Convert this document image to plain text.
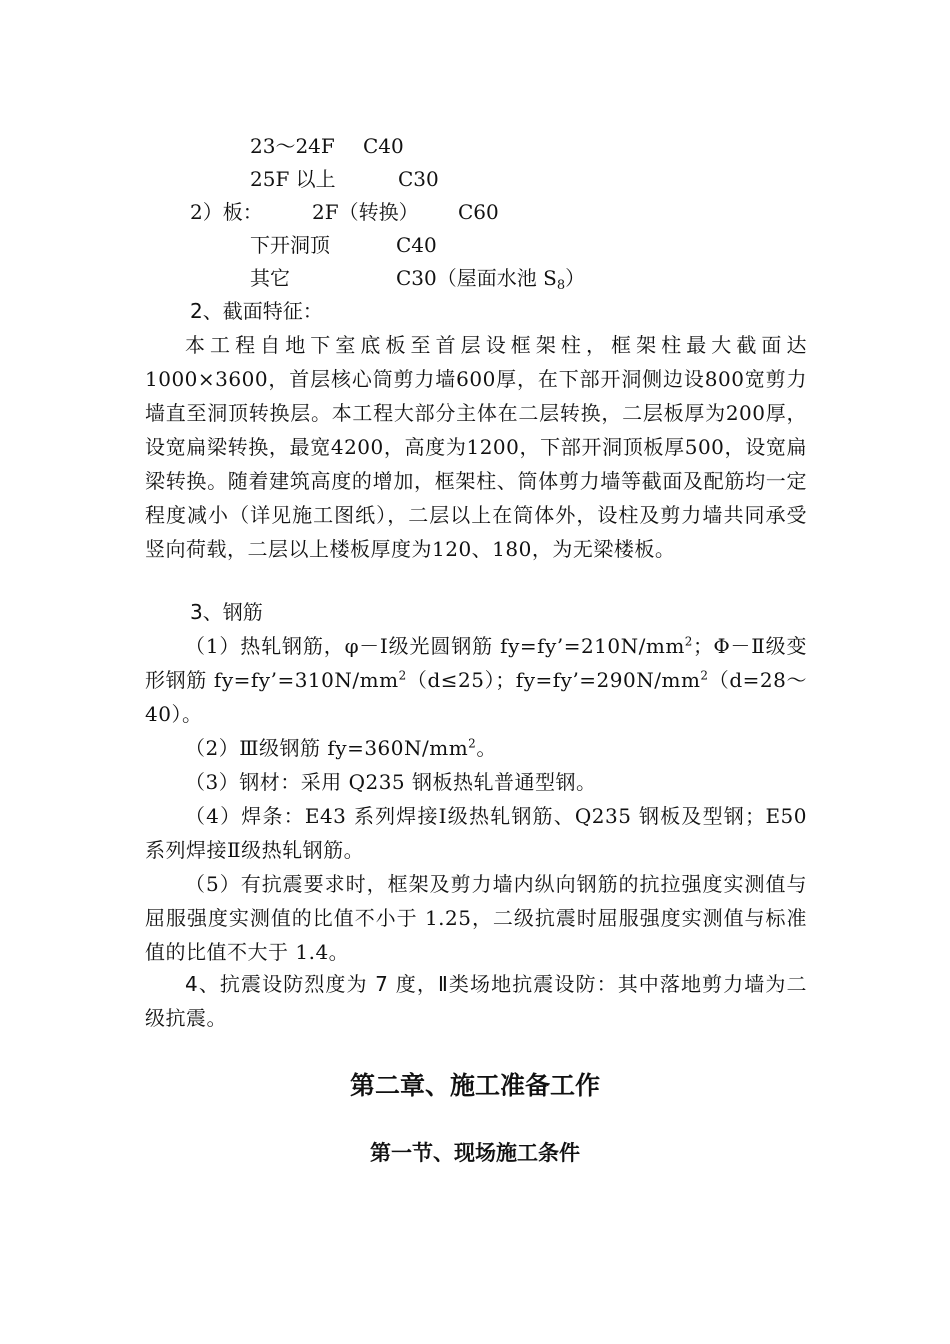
23～24F C40
25F 以上	C30
2）板： 2F（转换） C60
下开洞顶	C40
其它	C30（屋面水池 $S_8$）
2、截面特征：
本工程自地下室底板至首层设框架柱，框架柱最大截面达1000×3600，首层核心筒剪力墙600厚，在下部开洞侧边设800宽剪力墙直至洞顶转换层。本工程大部分主体在二层转换，二层板厚为200厚，设宽扁梁转换，最宽4200，高度为1200，下部开洞顶板厚500，设宽扁梁转换。随着建筑高度的增加，框架柱、筒体剪力墙等截面及配筋均一定程度减小（详见施工图纸），二层以上在筒体外，设柱及剪力墙共同承受竖向荷载，二层以上楼板厚度为120、180，为无梁楼板。
3、钢筋
（1）热轧钢筋，φ－Ⅰ级光圆钢筋 $fy=fy’=210N/mm^2$；Φ－Ⅱ级变形钢筋 $fy=fy’=310N/mm^2(d\le 25)$；$fy=fy’=290N/mm^2(d=28\sim 40)$。
（2）Ⅲ级钢筋 $fy=360N/mm^2$。
（3）钢材：采用 Q235 钢板热轧普通型钢。
（4）焊条：E43 系列焊接Ⅰ级热轧钢筋、Q235 钢板及型钢；E50 系列焊接Ⅱ级热轧钢筋。
（5）有抗震要求时，框架及剪力墙内纵向钢筋的抗拉强度实测值与屈服强度实测值的比值不小于 1.25，二级抗震时屈服强度实测值与标准值的比值不大于 1.4。
4、抗震设防烈度为 7 度，Ⅱ类场地抗震设防：其中落地剪力墙为二级抗震。
第二章、施工准备工作
第一节、现场施工条件
